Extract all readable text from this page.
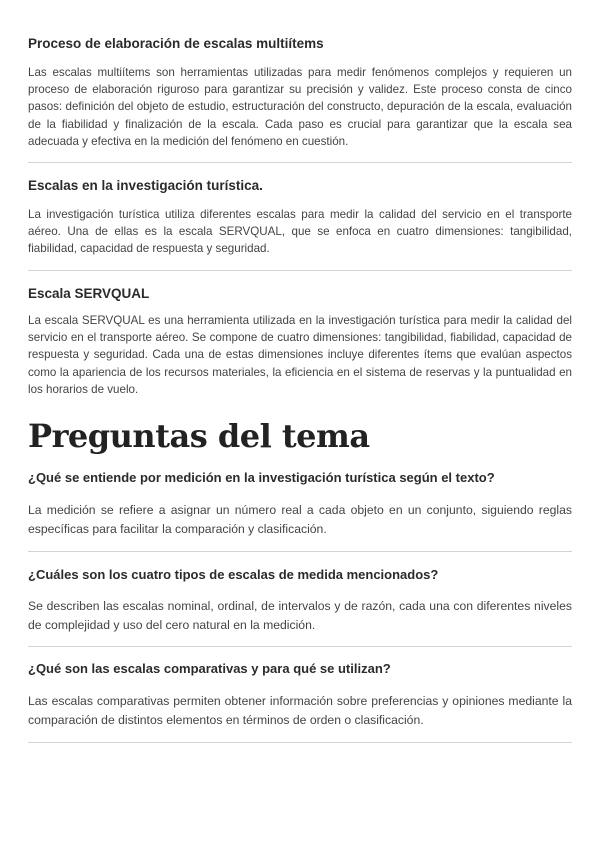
Proceso de elaboración de escalas multiítems

Las escalas multiítems son herramientas utilizadas para medir fenómenos complejos y requieren un proceso de elaboración riguroso para garantizar su precisión y validez. Este proceso consta de cinco pasos: definición del objeto de estudio, estructuración del constructo, depuración de la escala, evaluación de la fiabilidad y finalización de la escala. Cada paso es crucial para garantizar que la escala sea adecuada y efectiva en la medición del fenómeno en cuestión.

Escalas en la investigación turística.

La investigación turística utiliza diferentes escalas para medir la calidad del servicio en el transporte aéreo. Una de ellas es la escala SERVQUAL, que se enfoca en cuatro dimensiones: tangibilidad, fiabilidad, capacidad de respuesta y seguridad.

Escala SERVQUAL

La escala SERVQUAL es una herramienta utilizada en la investigación turística para medir la calidad del servicio en el transporte aéreo. Se compone de cuatro dimensiones: tangibilidad, fiabilidad, capacidad de respuesta y seguridad. Cada una de estas dimensiones incluye diferentes ítems que evalúan aspectos como la apariencia de los recursos materiales, la eficiencia en el sistema de reservas y la puntualidad en los horarios de vuelo.

Preguntas del tema
¿Qué se entiende por medición en la investigación turística según el texto?

La medición se refiere a asignar un número real a cada objeto en un conjunto, siguiendo reglas específicas para facilitar la comparación y clasificación.

¿Cuáles son los cuatro tipos de escalas de medida mencionados?

Se describen las escalas nominal, ordinal, de intervalos y de razón, cada una con diferentes niveles de complejidad y uso del cero natural en la medición.

¿Qué son las escalas comparativas y para qué se utilizan?

Las escalas comparativas permiten obtener información sobre preferencias y opiniones mediante la comparación de distintos elementos en términos de orden o clasificación.
